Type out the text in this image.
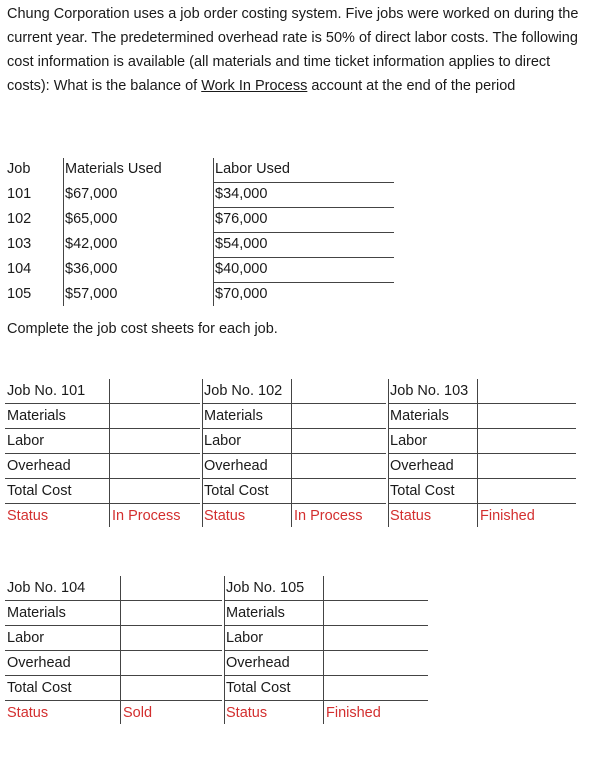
Chung Corporation uses a job order costing system. Five jobs were worked on during the current year. The predetermined overhead rate is 50% of direct labor costs. The following cost information is available (all materials and time ticket information applies to direct costs): What is the balance of Work In Process account at the end of the period

Job Materials Used	Labor Used
101 $67,000	$34,000
102 $65,000	$76,000
103 $42,000	$54,000
104 $36,000	$40,000
105 $57,000	$70,000
Complete the job cost sheets for each job.
Job No. 101
Materials
Labor
Overhead
Total Cost
Status	In Process
Job No. 102
Materials
Labor
Overhead
Total Cost
Status	In Process
Job No. 103
Materials
Labor
Overhead
Total Cost
Status	Finished
Job No. 104
Materials
Labor
Overhead
Total Cost
Status	Sold
Job No. 105
Materials
Labor
Overhead
Total Cost
Status	Finished
